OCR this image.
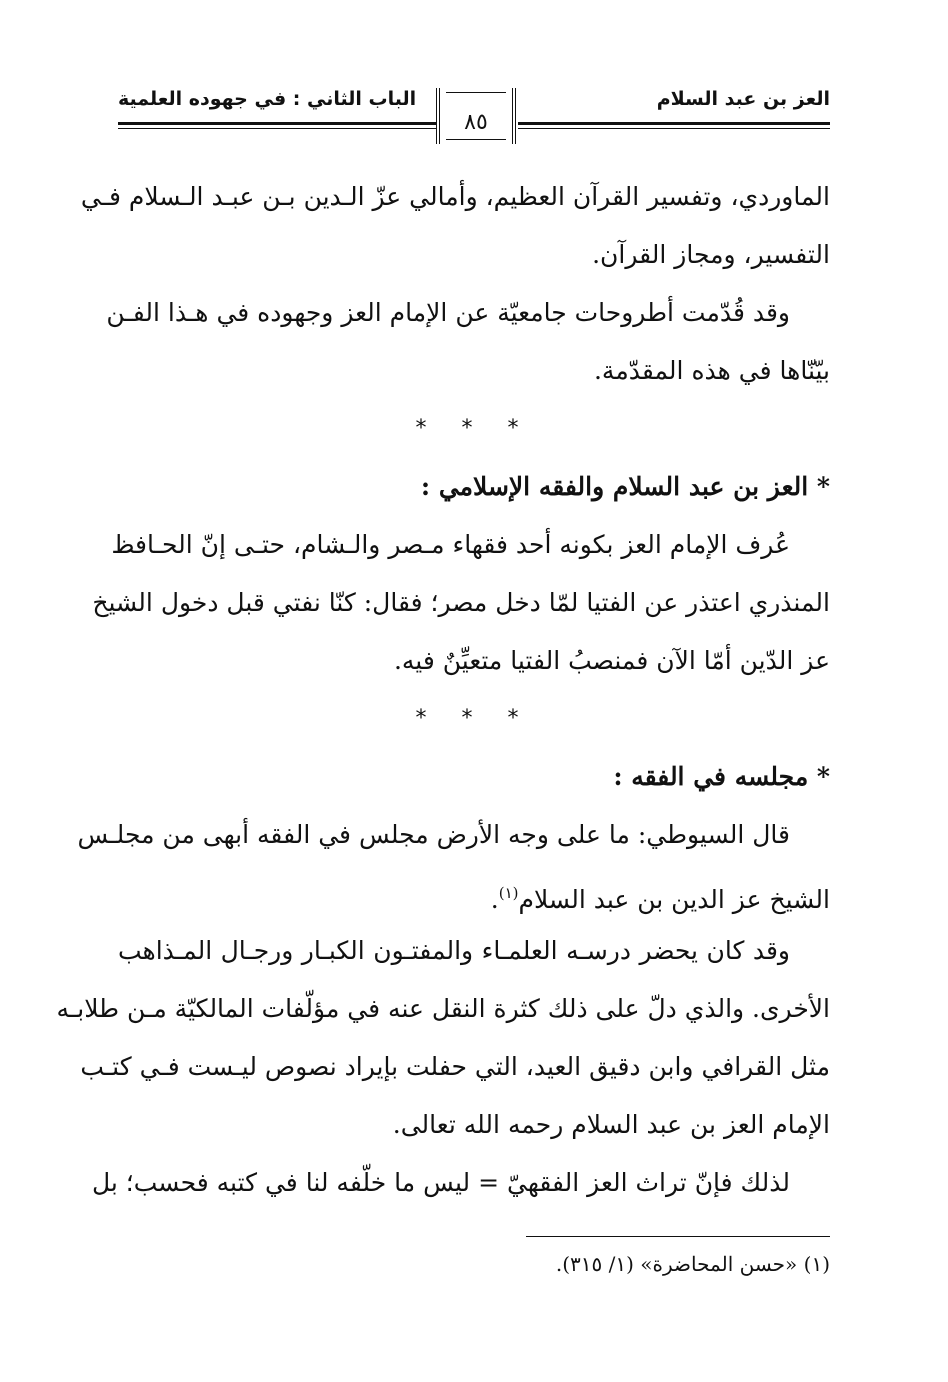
العز بن عبد السلام
الباب الثاني : في جهوده العلمية
٨٥
الماوردي، وتفسير القرآن العظيم، وأمالي عزّ الـدين بـن عبـد الـسلام فـي
التفسير، ومجاز القرآن.
وقد قُدّمت أطروحات جامعيّة عن الإمام العز وجهوده في هـذا الفـن
بيّنّاها في هذه المقدّمة.
* * *
* العز بن عبد السلام والفقه الإسلامي :
عُرف الإمام العز بكونه أحد فقهاء مـصر والـشام، حتـى إنّ الحـافظ
المنذري اعتذر عن الفتيا لمّا دخل مصر؛ فقال: كنّا نفتي قبل دخول الشيخ
عز الدّين أمّا الآن فمنصبُ الفتيا متعيِّنٌ فيه.
* * *
* مجلسه في الفقه :
قال السيوطي: ما على وجه الأرض مجلس في الفقه أبهى من مجلـس
الشيخ عز الدين بن عبد السلام$^{(١)}$.
وقد كان يحضر درسـه العلمـاء والمفتـون الكبـار ورجـال المـذاهب
الأخرى. والذي دلّ على ذلك كثرة النقل عنه في مؤلّفات المالكيّة مـن طلابـه
مثل القرافي وابن دقيق العيد، التي حفلت بإيراد نصوص ليـست فـي كتـب
الإمام العز بن عبد السلام رحمه الله تعالى.
لذلك فإنّ تراث العز الفقهيّ = ليس ما خلّفه لنا في كتبه فحسب؛ بل
(١) «حسن المحاضرة» (١/ ٣١٥).
